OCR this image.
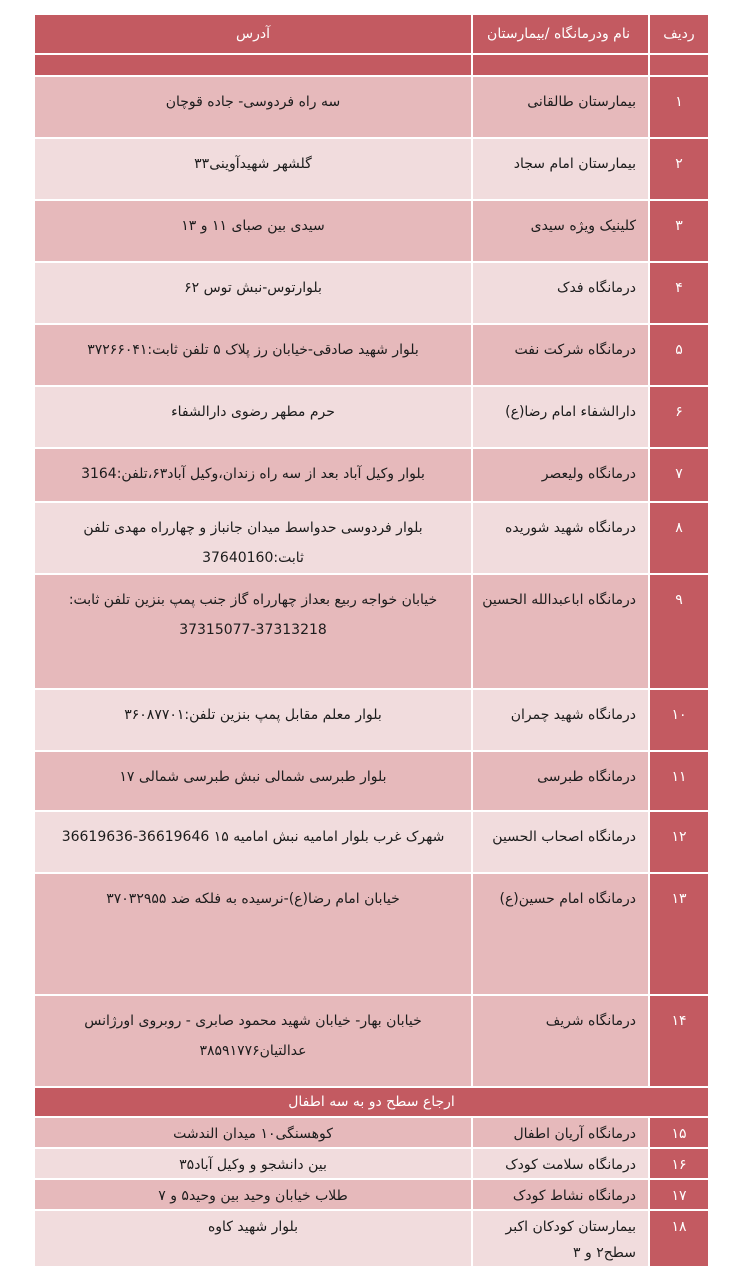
ردیف	نام ودرمانگاه /بیمارستان	آدرس

۱	بیمارستان طالقانی	سه راه فردوسی- جاده قوچان

۲	بیمارستان امام سجاد	گلشهر شهیدآوینی۳۳

۳	کلینیک ویژه سیدی	سیدی بین صبای ۱۱ و ۱۳

۴	درمانگاه فدک	بلوارتوس-نبش توس ۶۲

۵	درمانگاه شرکت نفت	بلوار شهید صادقی-خیابان رز پلاک ۵ تلفن ثابت:۳۷۲۶۶۰۴۱

۶	دارالشفاء امام رضا(ع)	حرم مطهر رضوی دارالشفاء

۷	درمانگاه ولیعصر	بلوار وکیل آباد بعد از سه راه زندان،وکیل آباد۶۳،تلفن:3164

۸	درمانگاه شهید شوریده	بلوار فردوسی حدواسط میدان جانباز و چهارراه مهدی تلفن ثابت:37640160

۹	درمانگاه اباعبدالله الحسین	خیابان خواجه ربیع بعداز چهارراه گاز جنب پمپ بنزین تلفن ثابت: 37313218-37315077

۱۰	درمانگاه شهید چمران	بلوار معلم مقابل پمپ بنزین تلفن:۳۶۰۸۷۷۰۱

۱۱	درمانگاه طبرسی	بلوار طبرسی شمالی نبش طبرسی شمالی ۱۷

۱۲	درمانگاه اصحاب الحسین	شهرک غرب بلوار امامیه نبش امامیه ۱۵ 36619646-36619636

۱۳	درمانگاه امام حسین(ع)	خیابان امام رضا(ع)-نرسیده به فلکه ضد ۳۷۰۳۲۹۵۵

۱۴	درمانگاه شریف	خیابان بهار- خیابان شهید محمود صابری - روبروی اورژانس عدالتیان۳۸۵۹۱۷۷۶

ارجاع سطح دو به سه اطفال		

۱۵	درمانگاه آریان اطفال	کوهسنگی۱۰ میدان الندشت

۱۶	درمانگاه سلامت کودک	بین دانشجو و وکیل آباد۳۵

۱۷	درمانگاه نشاط کودک	طلاب خیابان وحید بین وحید۵ و ۷

۱۸	بیمارستان کودکان اکبر سطح۲ و ۳	بلوار شهید کاوه
